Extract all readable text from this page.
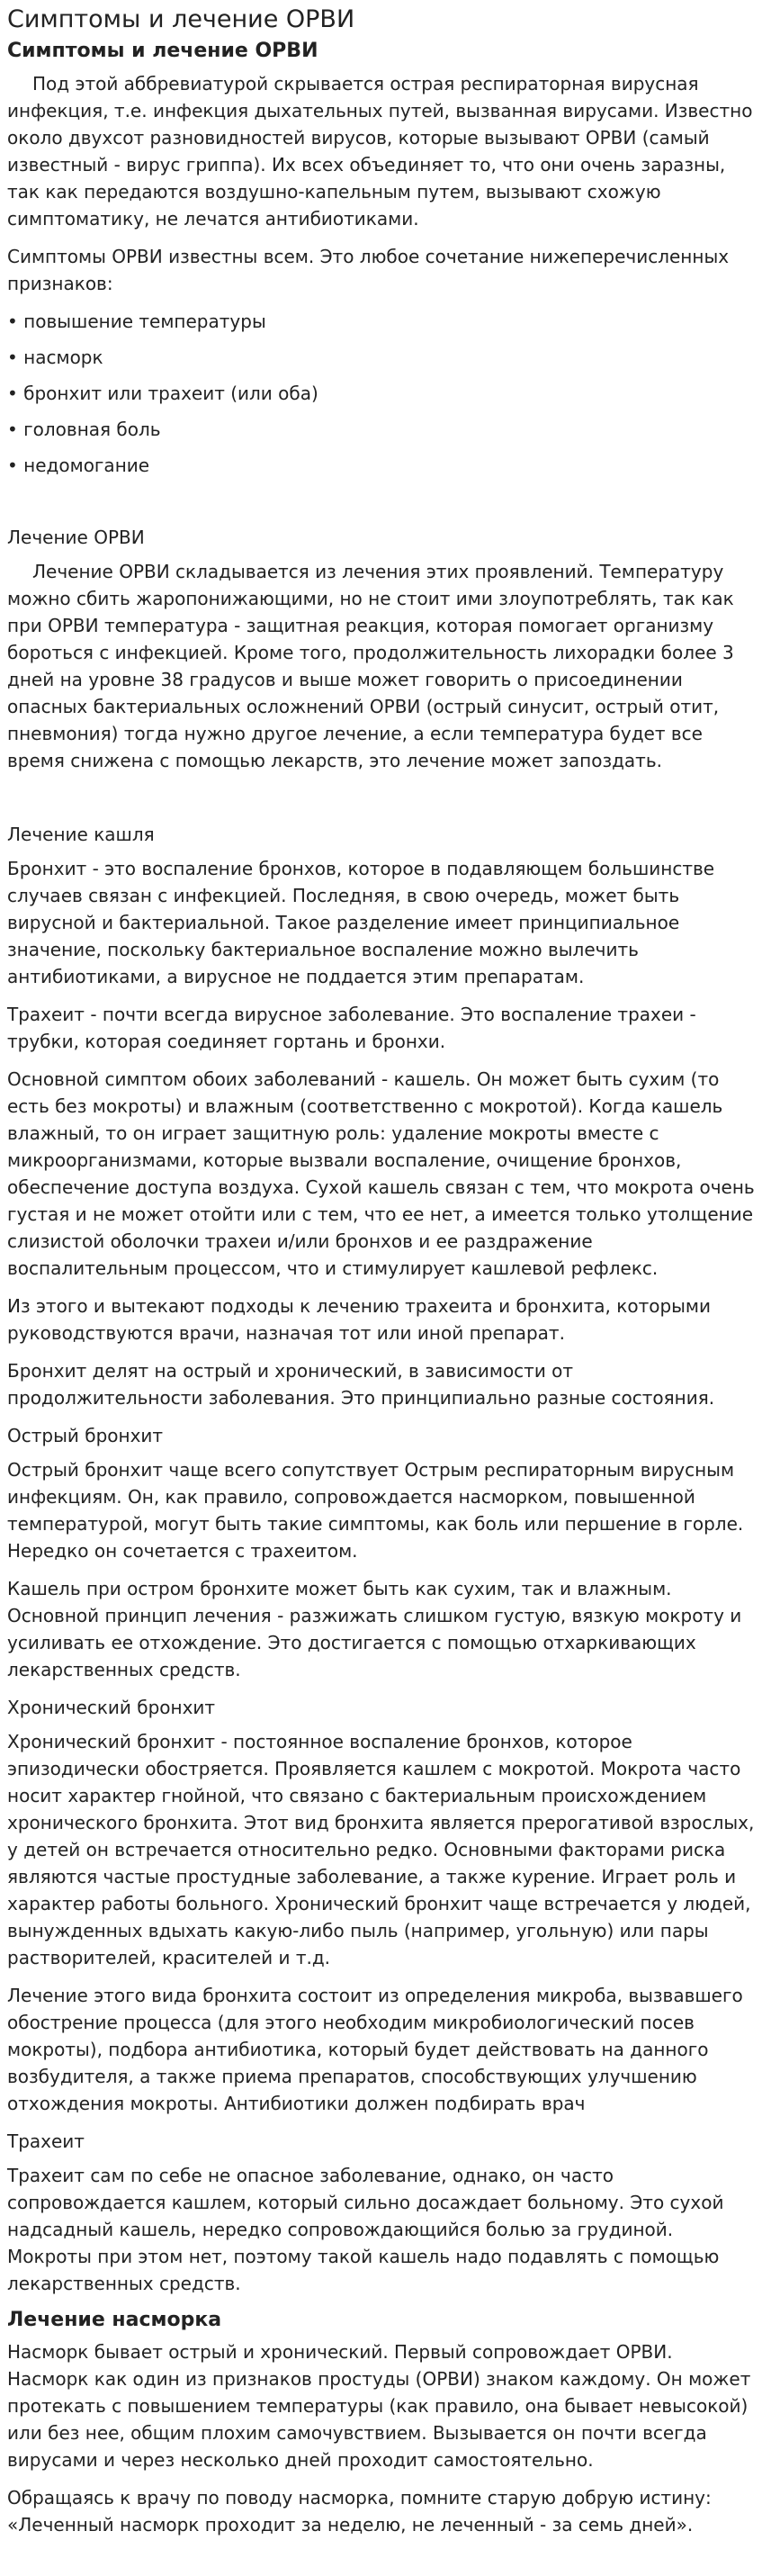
Симптомы и лечение ОРВИ
Симптомы и лечение ОРВИ

Под этой аббревиатурой скрывается острая респираторная вирусная инфекция, т.е. инфекция дыхательных путей, вызванная вирусами. Известно около двухсот разновидностей вирусов, которые вызывают ОРВИ (самый известный - вирус гриппа). Их всех объединяет то, что они очень заразны, так как передаются воздушно-капельным путем, вызывают схожую симптоматику, не лечатся антибиотиками.

Симптомы ОРВИ известны всем. Это любое сочетание нижеперечисленных признаков:

• повышение температуры
• насморк
• бронхит или трахеит (или оба)
• головная боль
• недомогание
Лечение ОРВИ

Лечение ОРВИ складывается из лечения этих проявлений. Температуру можно сбить жаропонижающими, но не стоит ими злоупотреблять, так как при ОРВИ температура - защитная реакция, которая помогает организму бороться с инфекцией. Кроме того, продолжительность лихорадки более 3 дней на уровне 38 градусов и выше может говорить о присоединении опасных бактериальных осложнений ОРВИ (острый синусит, острый отит, пневмония) тогда нужно другое лечение, а если температура будет все время снижена с помощью лекарств, это лечение может запоздать.

Лечение кашля

Бронхит - это воспаление бронхов, которое в подавляющем большинстве случаев связан с инфекцией. Последняя, в свою очередь, может быть вирусной и бактериальной. Такое разделение имеет принципиальное значение, поскольку бактериальное воспаление можно вылечить антибиотиками, а вирусное не поддается этим препаратам.

Трахеит - почти всегда вирусное заболевание. Это воспаление трахеи - трубки, которая соединяет гортань и бронхи.

Основной симптом обоих заболеваний - кашель. Он может быть сухим (то есть без мокроты) и влажным (соответственно с мокротой). Когда кашель влажный, то он играет защитную роль: удаление мокроты вместе с микроорганизмами, которые вызвали воспаление, очищение бронхов, обеспечение доступа воздуха. Сухой кашель связан с тем, что мокрота очень густая и не может отойти или с тем, что ее нет, а имеется только утолщение слизистой оболочки трахеи и/или бронхов и ее раздражение воспалительным процессом, что и стимулирует кашлевой рефлекс.

Из этого и вытекают подходы к лечению трахеита и бронхита, которыми руководствуются врачи, назначая тот или иной препарат.

Бронхит делят на острый и хронический, в зависимости от продолжительности заболевания. Это принципиально разные состояния.

Острый бронхит

Острый бронхит чаще всего сопутствует Острым респираторным вирусным инфекциям. Он, как правило, сопровождается насморком, повышенной температурой, могут быть такие симптомы, как боль или першение в горле. Нередко он сочетается с трахеитом.

Кашель при остром бронхите может быть как сухим, так и влажным. Основной принцип лечения - разжижать слишком густую, вязкую мокроту и усиливать ее отхождение. Это достигается с помощью отхаркивающих лекарственных средств.

Хронический бронхит

Хронический бронхит - постоянное воспаление бронхов, которое эпизодически обостряется. Проявляется кашлем с мокротой. Мокрота часто носит характер гнойной, что связано с бактериальным происхождением хронического бронхита. Этот вид бронхита является прерогативой взрослых, у детей он встречается относительно редко. Основными факторами риска являются частые простудные заболевание, а также курение. Играет роль и характер работы больного. Хронический бронхит чаще встречается у людей, вынужденных вдыхать какую-либо пыль (например, угольную) или пары растворителей, красителей и т.д.

Лечение этого вида бронхита состоит из определения микроба, вызвавшего обострение процесса (для этого необходим микробиологический посев мокроты), подбора антибиотика, который будет действовать на данного возбудителя, а также приема препаратов, способствующих улучшению отхождения мокроты. Антибиотики должен подбирать врач

Трахеит

Трахеит сам по себе не опасное заболевание, однако, он часто сопровождается кашлем, который сильно досаждает больному. Это сухой надсадный кашель, нередко сопровождающийся болью за грудиной. Мокроты при этом нет, поэтому такой кашель надо подавлять с помощью лекарственных средств.

Лечение насморка

Насморк бывает острый и хронический. Первый сопровождает ОРВИ. Насморк как один из признаков простуды (ОРВИ) знаком каждому. Он может протекать с повышением температуры (как правило, она бывает невысокой) или без нее, общим плохим самочувствием. Вызывается он почти всегда вирусами и через несколько дней проходит самостоятельно.

Обращаясь к врачу по поводу насморка, помните старую добрую истину: «Леченный насморк проходит за неделю, не леченный - за семь дней».
